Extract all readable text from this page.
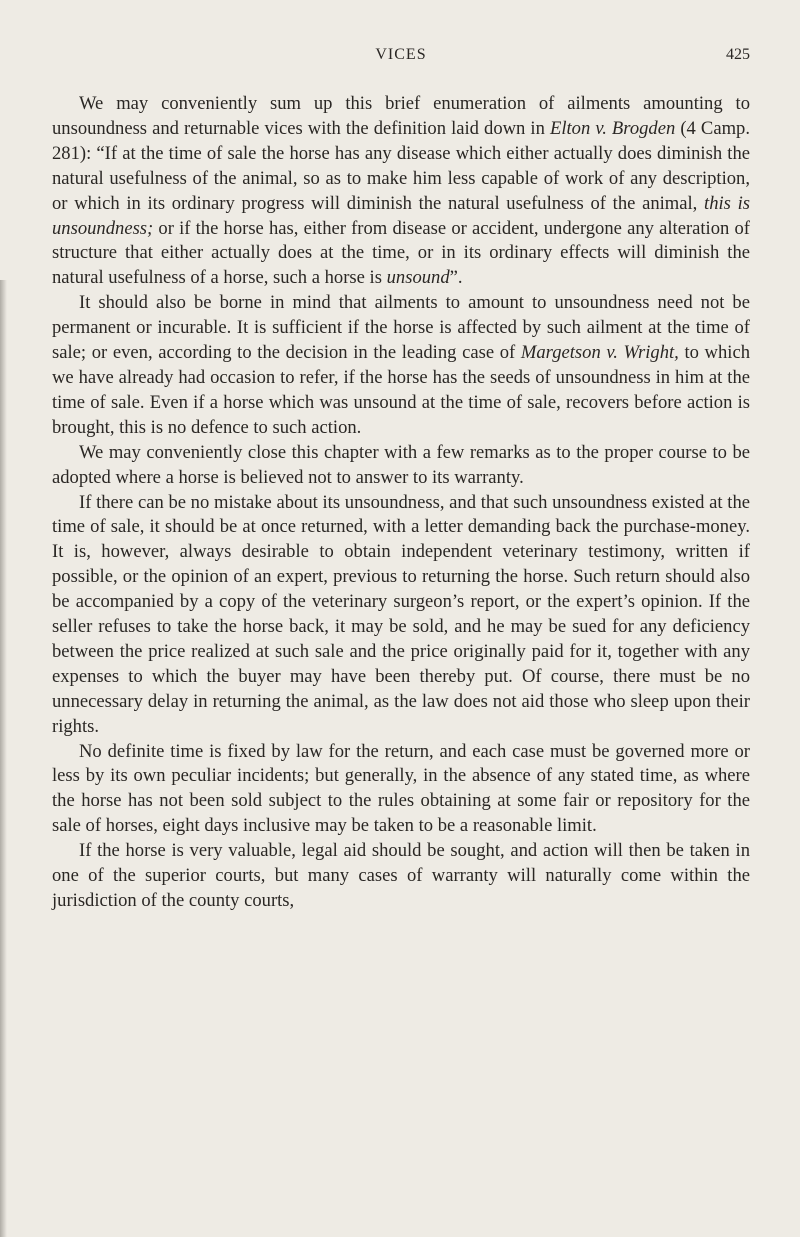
VICES	425

We may conveniently sum up this brief enumeration of ailments amounting to unsoundness and returnable vices with the definition laid down in Elton v. Brogden (4 Camp. 281): “If at the time of sale the horse has any disease which either actually does diminish the natural usefulness of the animal, so as to make him less capable of work of any description, or which in its ordinary progress will diminish the natural usefulness of the animal, this is unsoundness; or if the horse has, either from disease or accident, undergone any alteration of structure that either actually does at the time, or in its ordinary effects will diminish the natural usefulness of a horse, such a horse is unsound”.

It should also be borne in mind that ailments to amount to unsoundness need not be permanent or incurable. It is sufficient if the horse is affected by such ailment at the time of sale; or even, according to the decision in the leading case of Margetson v. Wright, to which we have already had occasion to refer, if the horse has the seeds of unsoundness in him at the time of sale. Even if a horse which was unsound at the time of sale, recovers before action is brought, this is no defence to such action.

We may conveniently close this chapter with a few remarks as to the proper course to be adopted where a horse is believed not to answer to its warranty.

If there can be no mistake about its unsoundness, and that such unsoundness existed at the time of sale, it should be at once returned, with a letter demanding back the purchase-money. It is, however, always desirable to obtain independent veterinary testimony, written if possible, or the opinion of an expert, previous to returning the horse. Such return should also be accompanied by a copy of the veterinary surgeon’s report, or the expert’s opinion. If the seller refuses to take the horse back, it may be sold, and he may be sued for any deficiency between the price realized at such sale and the price originally paid for it, together with any expenses to which the buyer may have been thereby put. Of course, there must be no unnecessary delay in returning the animal, as the law does not aid those who sleep upon their rights.

No definite time is fixed by law for the return, and each case must be governed more or less by its own peculiar incidents; but generally, in the absence of any stated time, as where the horse has not been sold subject to the rules obtaining at some fair or repository for the sale of horses, eight days inclusive may be taken to be a reasonable limit.

If the horse is very valuable, legal aid should be sought, and action will then be taken in one of the superior courts, but many cases of warranty will naturally come within the jurisdiction of the county courts,
